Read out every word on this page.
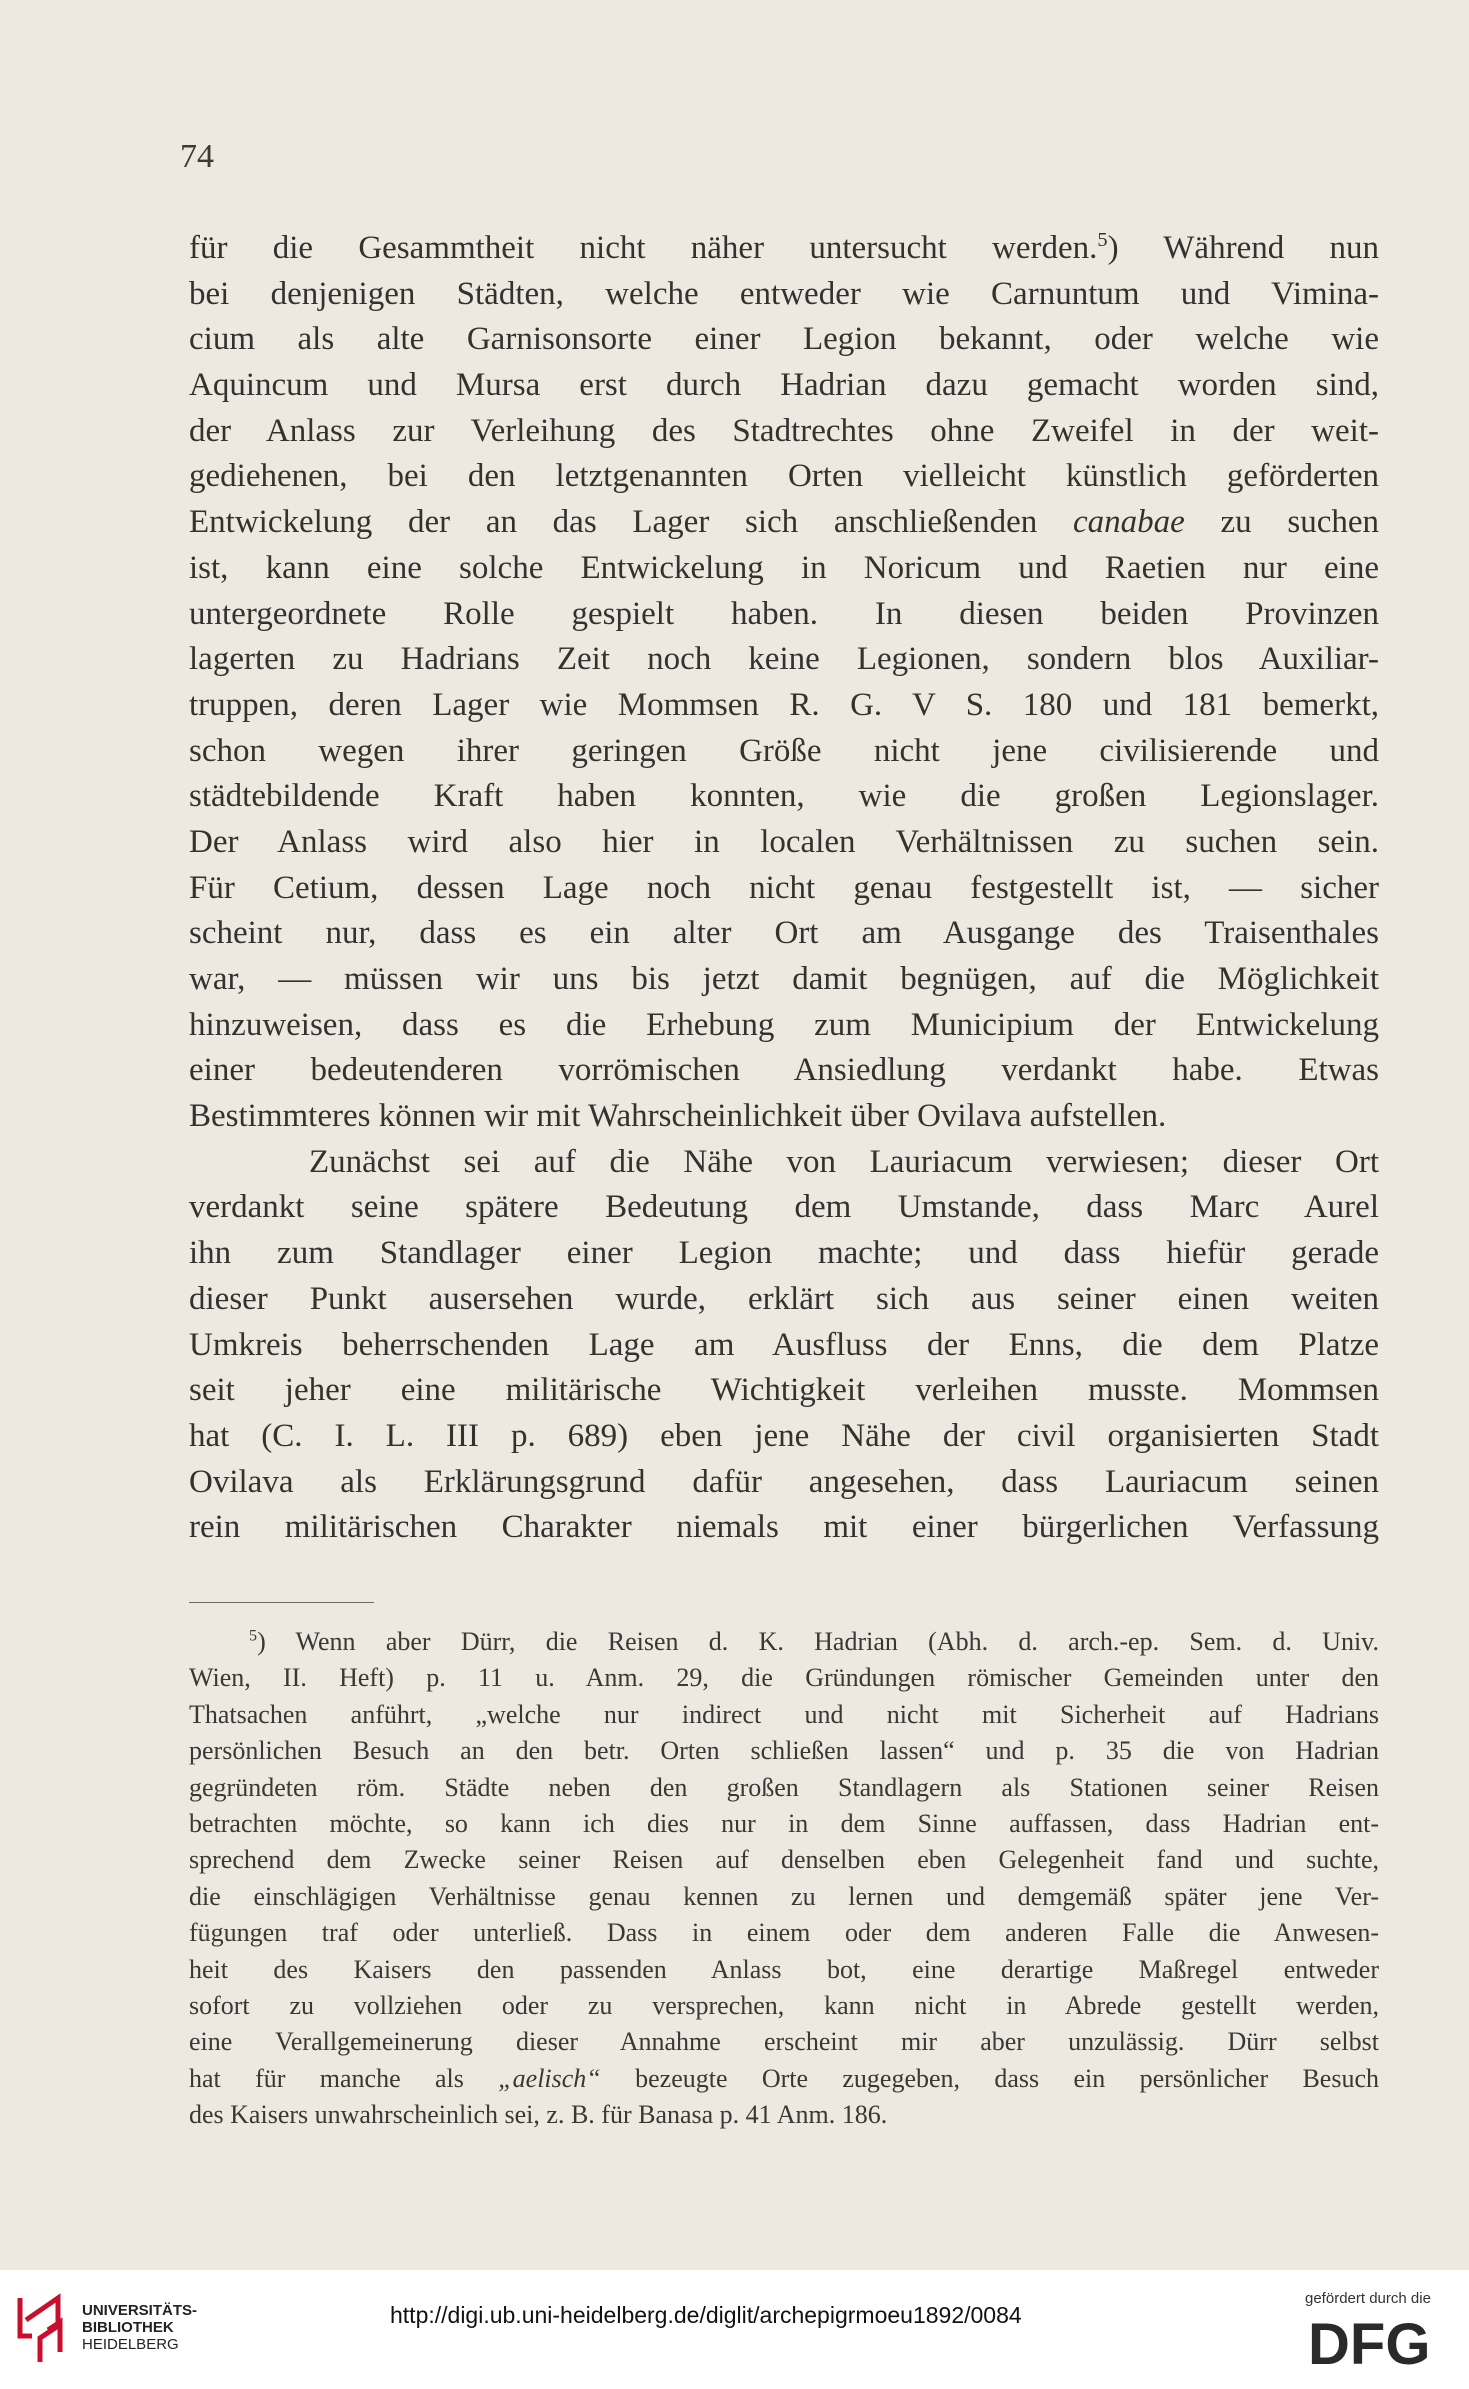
74
für die Gesammtheit nicht näher untersucht werden.$^5$) Während nun
bei denjenigen Städten, welche entweder wie Carnuntum und Vimina-
cium als alte Garnisonsorte einer Legion bekannt, oder welche wie
Aquincum und Mursa erst durch Hadrian dazu gemacht worden sind,
der Anlass zur Verleihung des Stadtrechtes ohne Zweifel in der weit-
gediehenen, bei den letztgenannten Orten vielleicht künstlich geförderten
Entwickelung der an das Lager sich anschließenden canabae zu suchen
ist, kann eine solche Entwickelung in Noricum und Raetien nur eine
untergeordnete Rolle gespielt haben. In diesen beiden Provinzen
lagerten zu Hadrians Zeit noch keine Legionen, sondern blos Auxiliar-
truppen, deren Lager wie Mommsen R. G. V S. 180 und 181 bemerkt,
schon wegen ihrer geringen Größe nicht jene civilisierende und
städtebildende Kraft haben konnten, wie die großen Legionslager.
Der Anlass wird also hier in localen Verhältnissen zu suchen sein.
Für Cetium, dessen Lage noch nicht genau festgestellt ist, — sicher
scheint nur, dass es ein alter Ort am Ausgange des Traisenthales
war, — müssen wir uns bis jetzt damit begnügen, auf die Möglichkeit
hinzuweisen, dass es die Erhebung zum Municipium der Entwickelung
einer bedeutenderen vorrömischen Ansiedlung verdankt habe. Etwas
Bestimmteres können wir mit Wahrscheinlichkeit über Ovilava aufstellen.
Zunächst sei auf die Nähe von Lauriacum verwiesen; dieser Ort
verdankt seine spätere Bedeutung dem Umstande, dass Marc Aurel
ihn zum Standlager einer Legion machte; und dass hiefür gerade
dieser Punkt ausersehen wurde, erklärt sich aus seiner einen weiten
Umkreis beherrschenden Lage am Ausfluss der Enns, die dem Platze
seit jeher eine militärische Wichtigkeit verleihen musste. Mommsen
hat (C. I. L. III p. 689) eben jene Nähe der civil organisierten Stadt
Ovilava als Erklärungsgrund dafür angesehen, dass Lauriacum seinen
rein militärischen Charakter niemals mit einer bürgerlichen Verfassung
$^5$) Wenn aber Dürr, die Reisen d. K. Hadrian (Abh. d. arch.-ep. Sem. d. Univ.
Wien, II. Heft) p. 11 u. Anm. 29, die Gründungen römischer Gemeinden unter den
Thatsachen anführt, „welche nur indirect und nicht mit Sicherheit auf Hadrians
persönlichen Besuch an den betr. Orten schließen lassen“ und p. 35 die von Hadrian
gegründeten röm. Städte neben den großen Standlagern als Stationen seiner Reisen
betrachten möchte, so kann ich dies nur in dem Sinne auffassen, dass Hadrian ent-
sprechend dem Zwecke seiner Reisen auf denselben eben Gelegenheit fand und suchte,
die einschlägigen Verhältnisse genau kennen zu lernen und demgemäß später jene Ver-
fügungen traf oder unterließ. Dass in einem oder dem anderen Falle die Anwesen-
heit des Kaisers den passenden Anlass bot, eine derartige Maßregel entweder
sofort zu vollziehen oder zu versprechen, kann nicht in Abrede gestellt werden,
eine Verallgemeinerung dieser Annahme erscheint mir aber unzulässig. Dürr selbst
hat für manche als „aelisch“ bezeugte Orte zugegeben, dass ein persönlicher Besuch
des Kaisers unwahrscheinlich sei, z. B. für Banasa p. 41 Anm. 186.
UNIVERSITÄTS-
BIBLIOTHEK
HEIDELBERG
http://digi.ub.uni-heidelberg.de/diglit/archepigrmoeu1892/0084
gefördert durch die
DFG
